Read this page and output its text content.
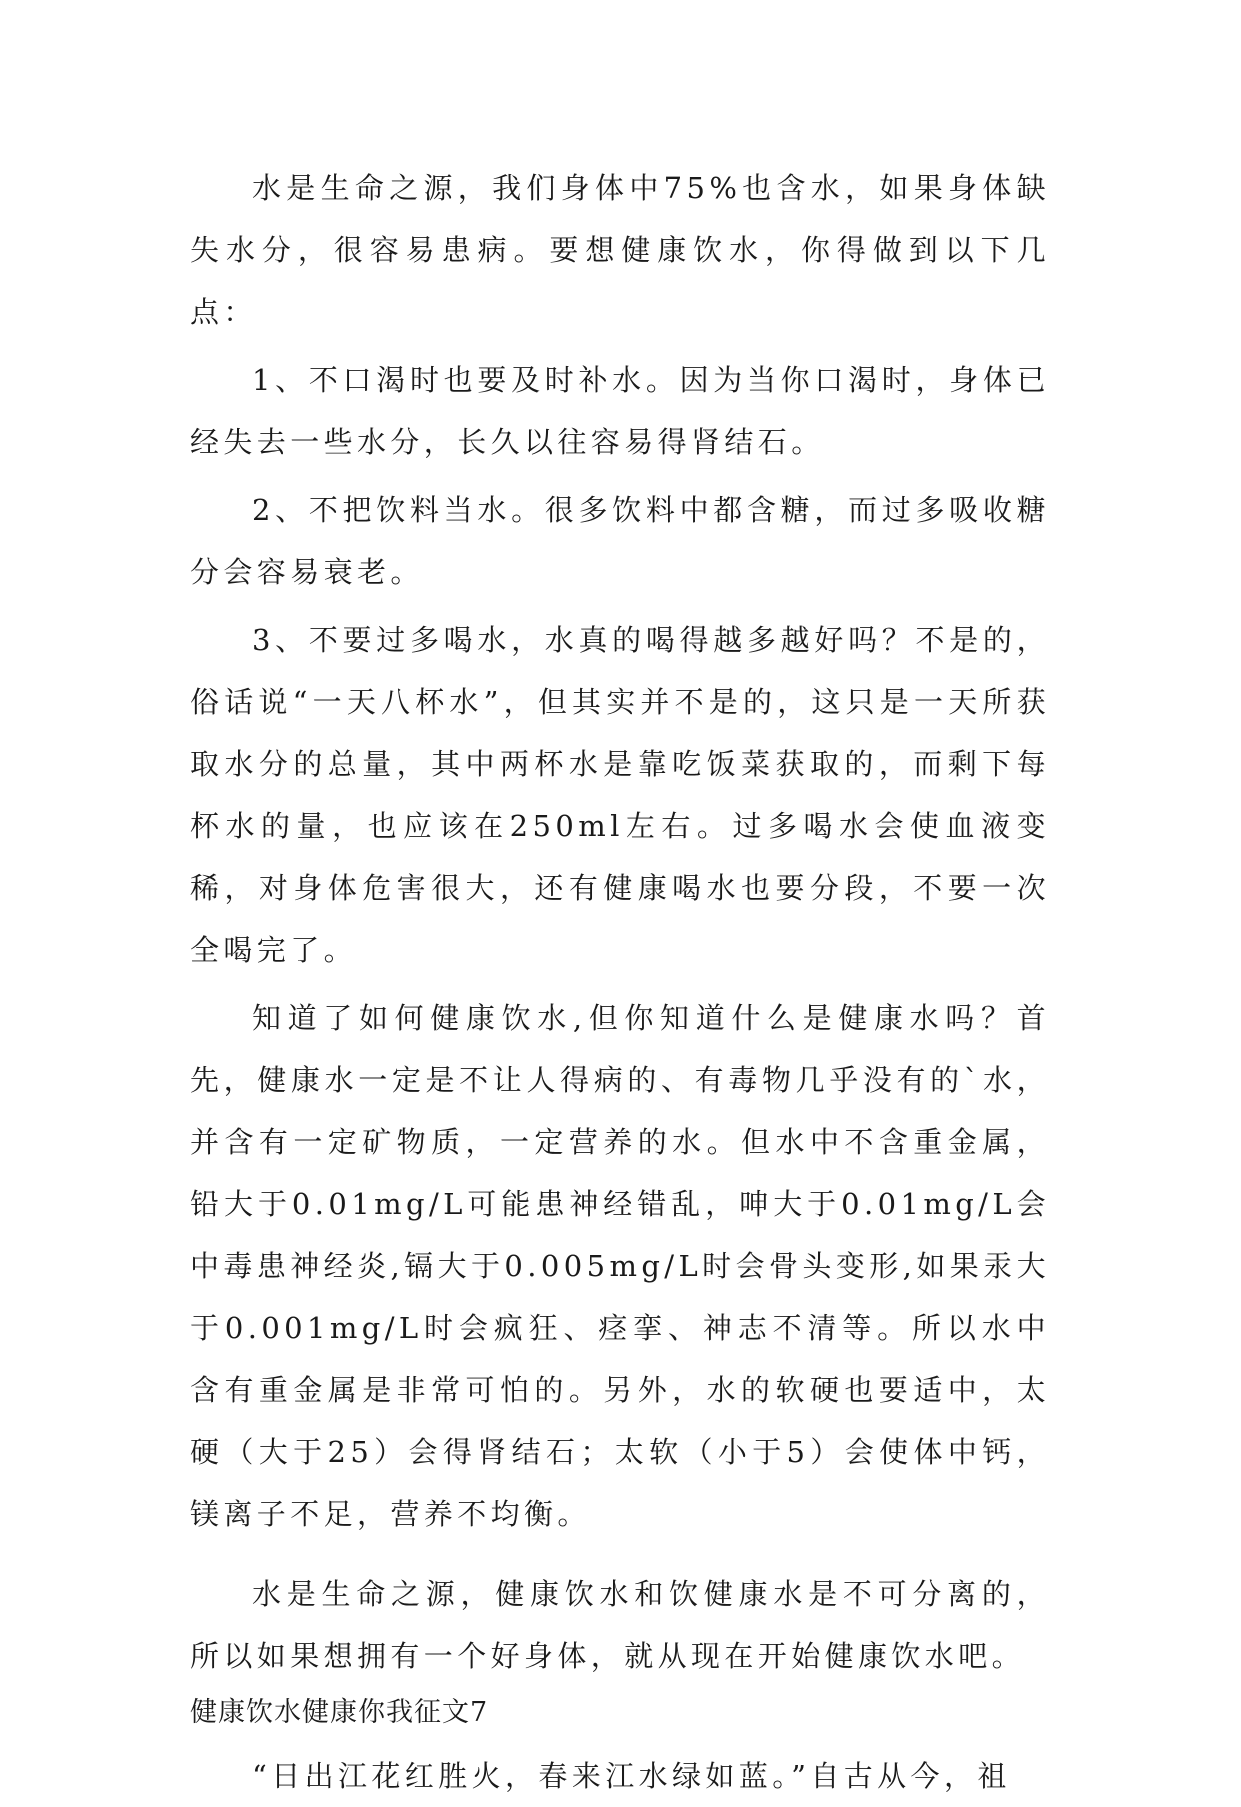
水是生命之源，我们身体中75%也含水，如果身体缺失水分，很容易患病。要想健康饮水，你得做到以下几点：

1、不口渴时也要及时补水。因为当你口渴时，身体已经失去一些水分，长久以往容易得肾结石。

2、不把饮料当水。很多饮料中都含糖，而过多吸收糖分会容易衰老。

3、不要过多喝水，水真的喝得越多越好吗？不是的，俗话说“一天八杯水”，但其实并不是的，这只是一天所获取水分的总量，其中两杯水是靠吃饭菜获取的，而剩下每杯水的量，也应该在250ml左右。过多喝水会使血液变稀，对身体危害很大，还有健康喝水也要分段，不要一次全喝完了。

知道了如何健康饮水,但你知道什么是健康水吗？首先，健康水一定是不让人得病的、有毒物几乎没有的`水，并含有一定矿物质，一定营养的水。但水中不含重金属，铅大于0.01mg/L可能患神经错乱，呻大于0.01mg/L会中毒患神经炎,镉大于0.005mg/L时会骨头变形,如果汞大于0.001mg/L时会疯狂、痉挛、神志不清等。所以水中含有重金属是非常可怕的。另外，水的软硬也要适中，太硬（大于25）会得肾结石；太软（小于5）会使体中钙，镁离子不足，营养不均衡。

水是生命之源，健康饮水和饮健康水是不可分离的，所以如果想拥有一个好身体，就从现在开始健康饮水吧。

健康饮水健康你我征文7

“日出江花红胜火，春来江水绿如蓝。”自古从今，祖
